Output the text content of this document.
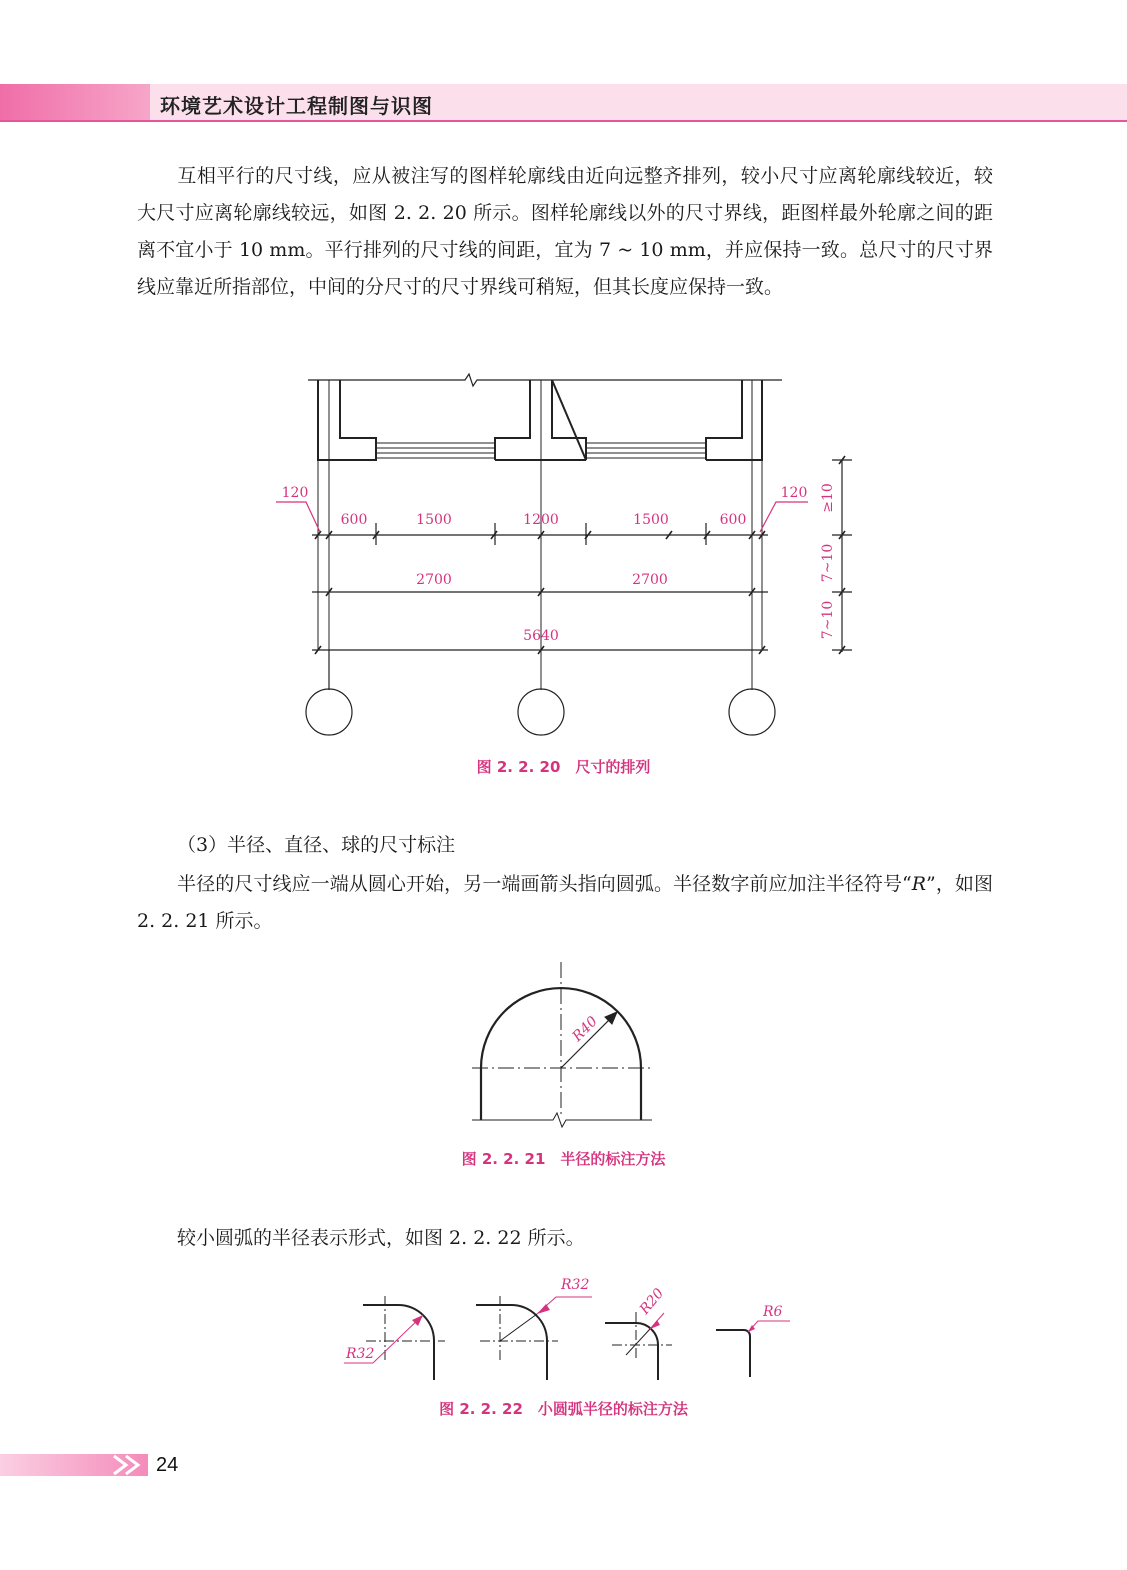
环境艺术设计工程制图与识图

互相平行的尺寸线，应从被注写的图样轮廓线由近向远整齐排列，较小尺寸应离轮廓线较近，较大尺寸应离轮廓线较远，如图 2. 2. 20 所示。图样轮廓线以外的尺寸界线，距图样最外轮廓之间的距离不宜小于 10 mm。平行排列的尺寸线的间距，宜为 7 ~ 10 mm，并应保持一致。总尺寸的尺寸界线应靠近所指部位，中间的分尺寸的尺寸界线可稍短，但其长度应保持一致。

600	1500	1200	1500	600
2700	2700
5640
120	120 ≥10
7~10
7~10
图 2. 2. 20　尺寸的排列

（3）半径、直径、球的尺寸标注

半径的尺寸线应一端从圆心开始，另一端画箭头指向圆弧。半径数字前应加注半径符号“R”，如图 2. 2. 21 所示。

R40
图 2. 2. 21　半径的标注方法

较小圆弧的半径表示形式，如图 2. 2. 22 所示。

R32
R32
R20	R6
图 2. 2. 22　小圆弧半径的标注方法
24
